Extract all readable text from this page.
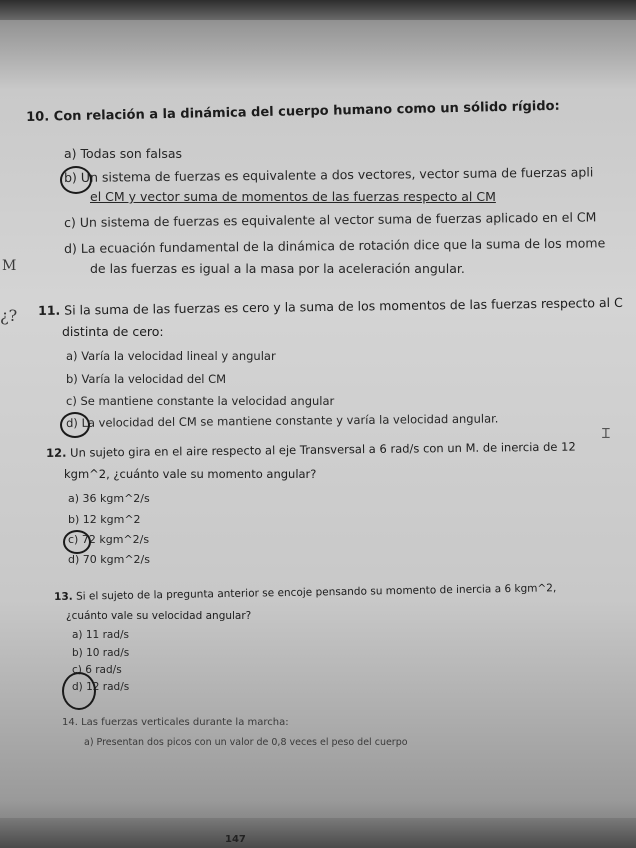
M
¿?
Ɪ
10. Con relación a la dinámica del cuerpo humano como un sólido rígido:
a) Todas son falsas
b) Un sistema de fuerzas es equivalente a dos vectores, vector suma de fuerzas apli
el CM y vector suma de momentos de las fuerzas respecto al CM
c) Un sistema de fuerzas es equivalente al vector suma de fuerzas aplicado en el CM
d) La ecuación fundamental de la dinámica de rotación dice que la suma de los mome
de las fuerzas es igual a la masa por la aceleración angular.
11. Si la suma de las fuerzas es cero y la suma de los momentos de las fuerzas respecto al C
distinta de cero:
a) Varía la velocidad lineal y angular
b) Varía la velocidad del CM
c) Se mantiene constante la velocidad angular
d) La velocidad del CM se mantiene constante y varía la velocidad angular.
12. Un sujeto gira en el aire respecto al eje Transversal a 6 rad/s con un M. de inercia de 12
kgm^2, ¿cuánto vale su momento angular?
a) 36 kgm^2/s
b) 12 kgm^2
c) 72 kgm^2/s
d) 70 kgm^2/s
13. Si el sujeto de la pregunta anterior se encoje pensando su momento de inercia a 6 kgm^2,
¿cuánto vale su velocidad angular?
a) 11 rad/s
b) 10 rad/s
c) 6 rad/s
d) 12 rad/s
14. Las fuerzas verticales durante la marcha:
a) Presentan dos picos con un valor de 0,8 veces el peso del cuerpo
147
